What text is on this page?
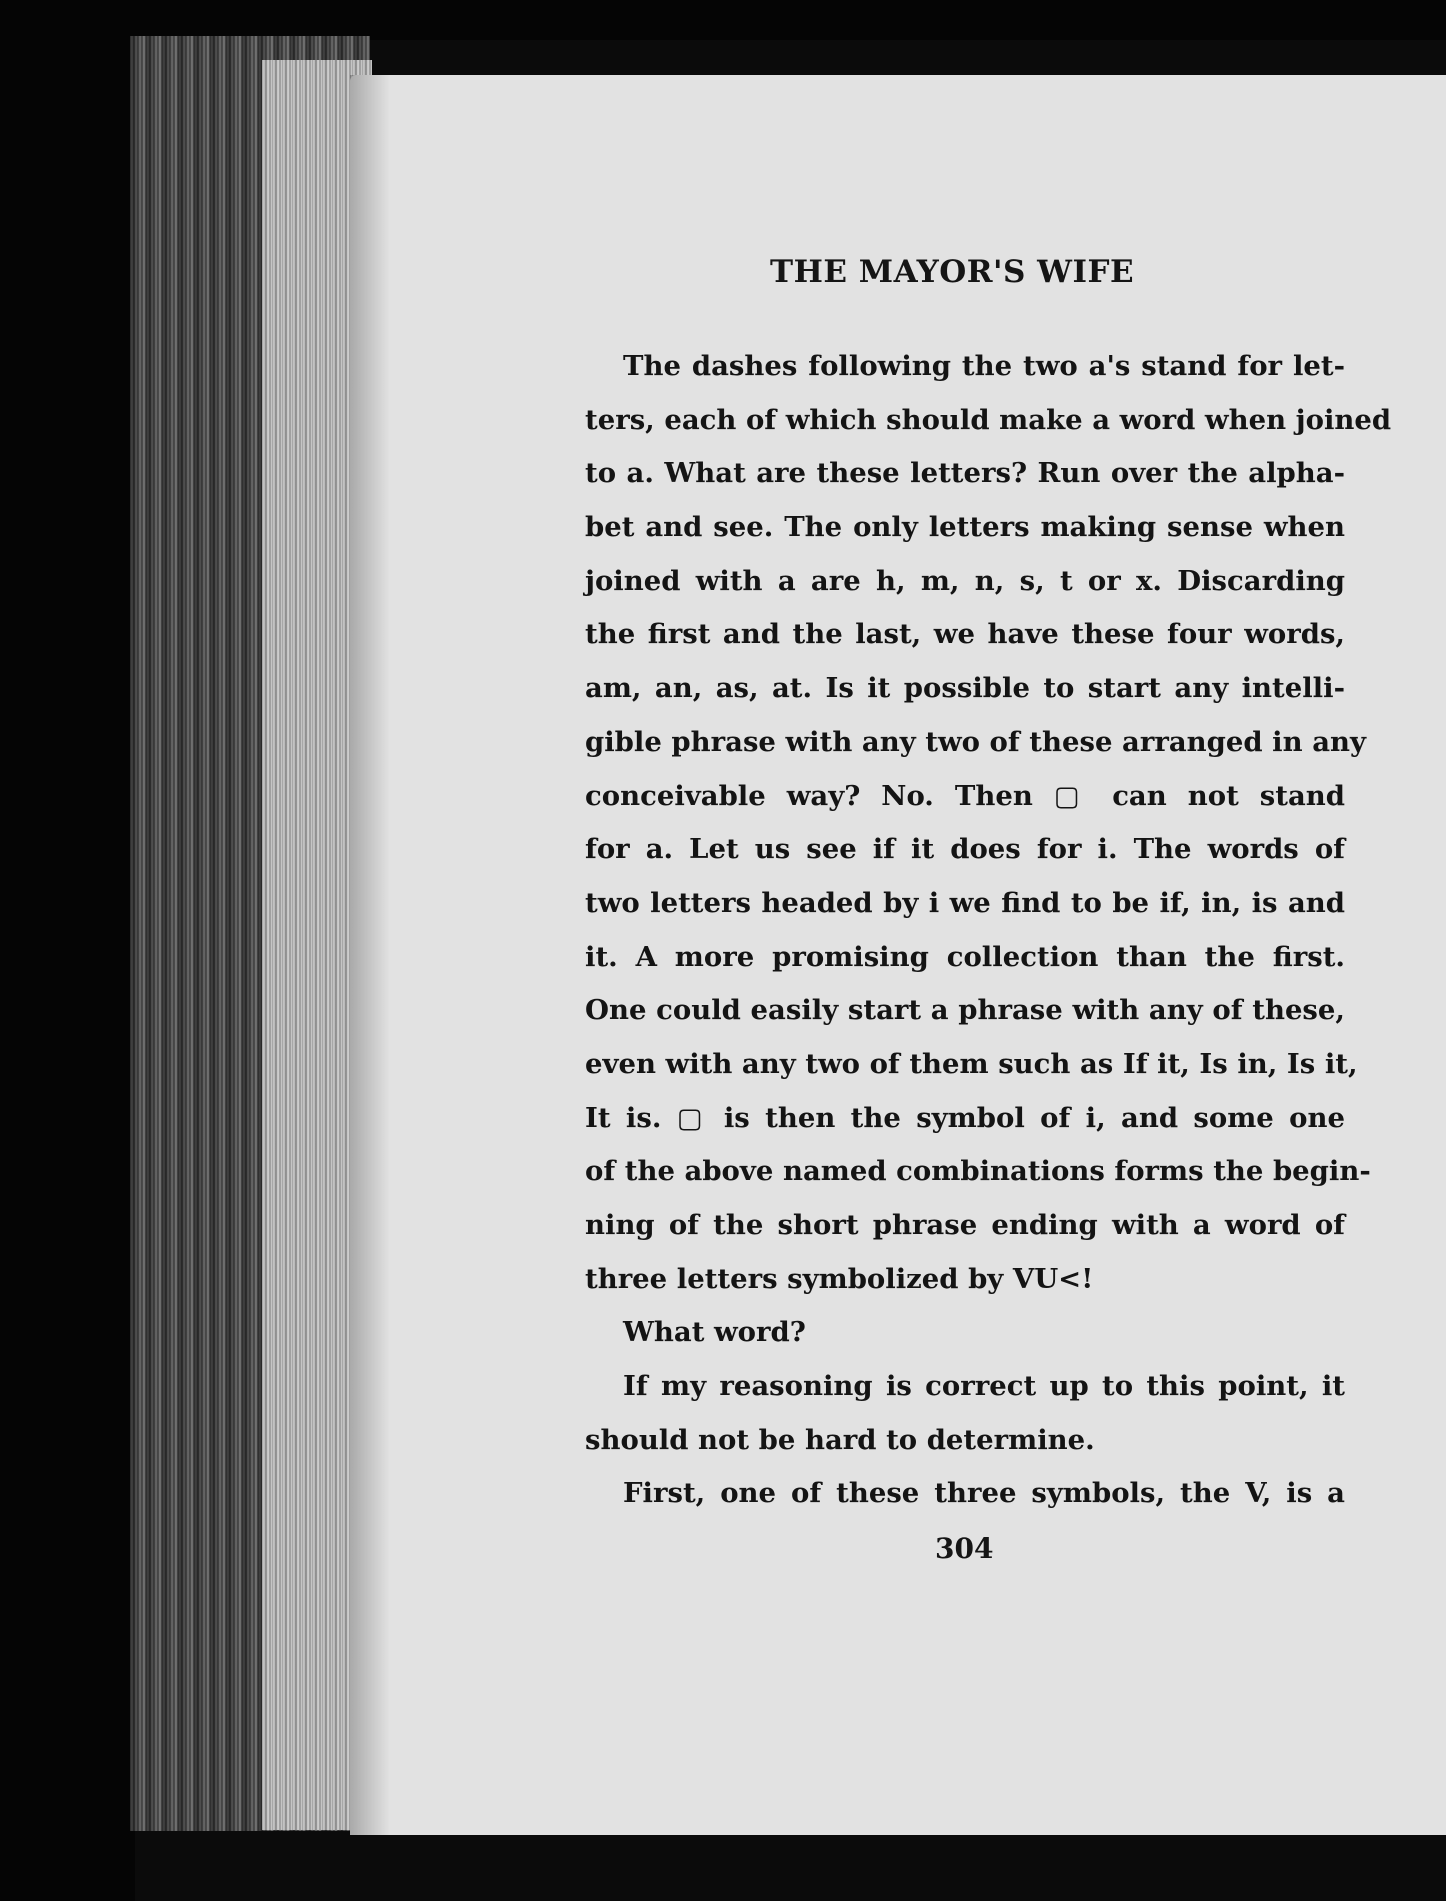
THE MAYOR'S WIFE
The dashes following the two a's stand for let-
ters, each of which should make a word when joined
to a. What are these letters? Run over the alpha-
bet and see. The only letters making sense when
joined with a are h, m, n, s, t or x. Discarding
the first and the last, we have these four words,
am, an, as, at. Is it possible to start any intelli-
gible phrase with any two of these arranged in any
conceivable way? No. Then ▢ can not stand
for a. Let us see if it does for i. The words of
two letters headed by i we find to be if, in, is and
it. A more promising collection than the first.
One could easily start a phrase with any of these,
even with any two of them such as If it, Is in, Is it,
It is. ▢ is then the symbol of i, and some one
of the above named combinations forms the begin-
ning of the short phrase ending with a word of
three letters symbolized by VU<!
What word?
If my reasoning is correct up to this point, it
should not be hard to determine.
First, one of these three symbols, the V, is a
304
